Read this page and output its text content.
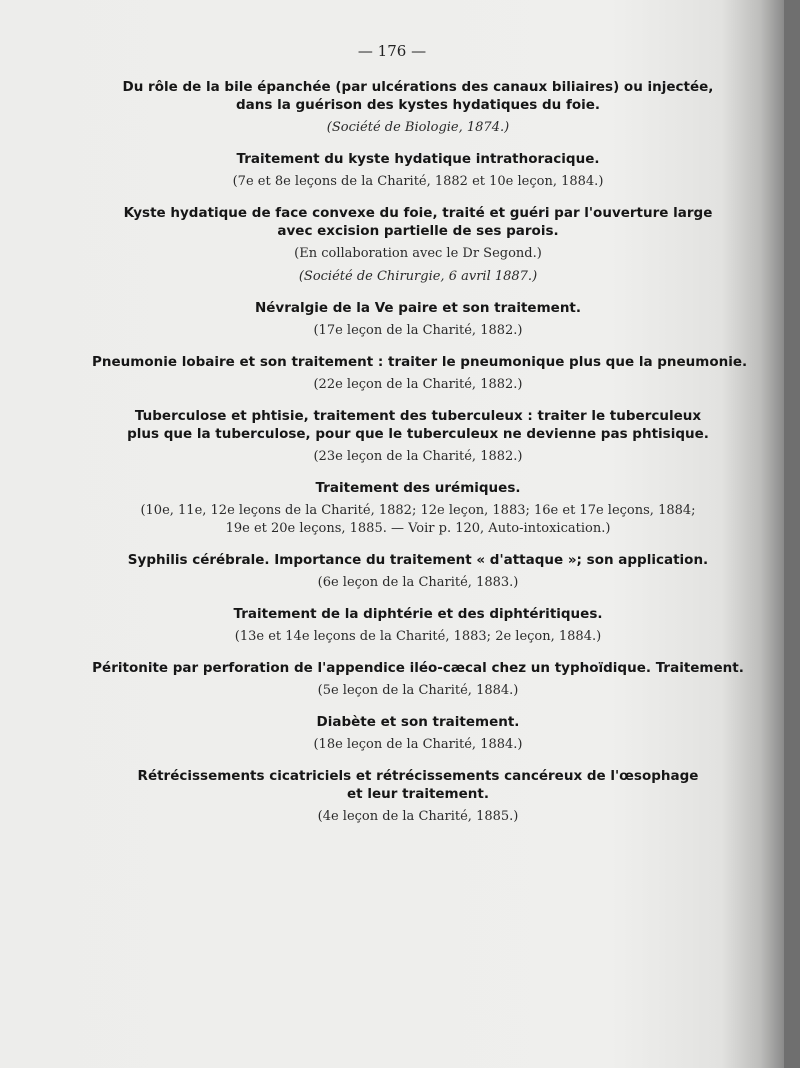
— 176 —
Du rôle de la bile épanchée (par ulcérations des canaux biliaires) ou injectée,
dans la guérison des kystes hydatiques du foie.
(Société de Biologie, 1874.)
Traitement du kyste hydatique intrathoracique.
(7e et 8e leçons de la Charité, 1882 et 10e leçon, 1884.)
Kyste hydatique de face convexe du foie, traité et guéri par l'ouverture large
avec excision partielle de ses parois.
(En collaboration avec le Dr Segond.)
(Société de Chirurgie, 6 avril 1887.)
Névralgie de la Ve paire et son traitement.
(17e leçon de la Charité, 1882.)
Pneumonie lobaire et son traitement : traiter le pneumonique plus que la pneumonie.
(22e leçon de la Charité, 1882.)
Tuberculose et phtisie, traitement des tuberculeux : traiter le tuberculeux
plus que la tuberculose, pour que le tuberculeux ne devienne pas phtisique.
(23e leçon de la Charité, 1882.)
Traitement des urémiques.
(10e, 11e, 12e leçons de la Charité, 1882; 12e leçon, 1883; 16e et 17e leçons, 1884;
19e et 20e leçons, 1885. — Voir p. 120, Auto-intoxication.)
Syphilis cérébrale. Importance du traitement « d'attaque »; son application.
(6e leçon de la Charité, 1883.)
Traitement de la diphtérie et des diphtéritiques.
(13e et 14e leçons de la Charité, 1883; 2e leçon, 1884.)
Péritonite par perforation de l'appendice iléo-cæcal chez un typhoïdique. Traitement.
(5e leçon de la Charité, 1884.)
Diabète et son traitement.
(18e leçon de la Charité, 1884.)
Rétrécissements cicatriciels et rétrécissements cancéreux de l'œsophage
et leur traitement.
(4e leçon de la Charité, 1885.)
